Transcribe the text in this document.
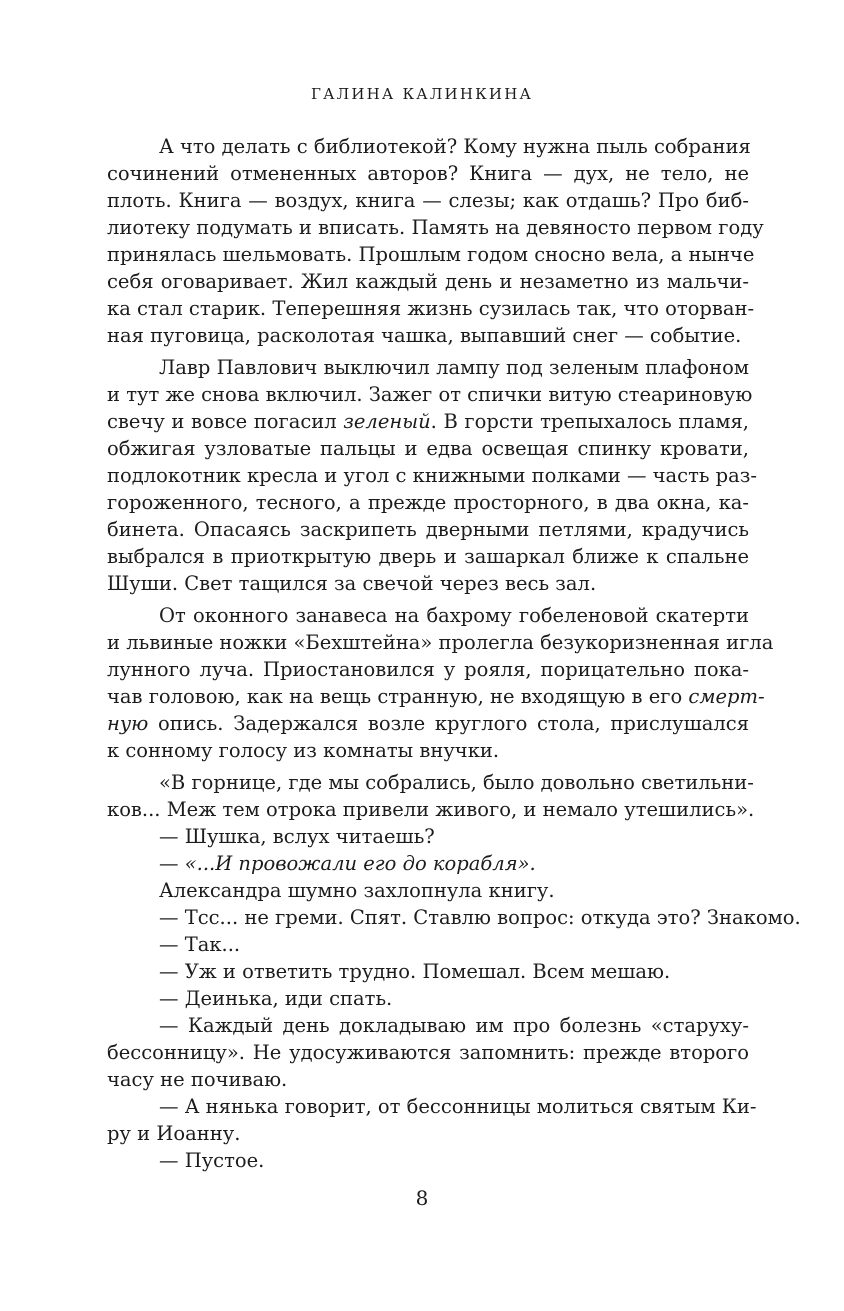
ГАЛИНА КАЛИНКИНА
А что делать с библиотекой? Кому нужна пыль собрания
сочинений отмененных авторов? Книга — дух, не тело, не
плоть. Книга — воздух, книга — слезы; как отдашь? Про биб-
лиотеку подумать и вписать. Память на девяносто первом году
принялась шельмовать. Прошлым годом сносно вела, а нынче
себя оговаривает. Жил каждый день и незаметно из мальчи-
ка стал старик. Теперешняя жизнь сузилась так, что оторван-
ная пуговица, расколотая чашка, выпавший снег — событие.
Лавр Павлович выключил лампу под зеленым плафоном
и тут же снова включил. Зажег от спички витую стеариновую
свечу и вовсе погасил зеленый. В горсти трепыхалось пламя,
обжигая узловатые пальцы и едва освещая спинку кровати,
подлокотник кресла и угол с книжными полками — часть раз-
гороженного, тесного, а прежде просторного, в два окна, ка-
бинета. Опасаясь заскрипеть дверными петлями, крадучись
выбрался в приоткрытую дверь и зашаркал ближе к спальне
Шуши. Свет тащился за свечой через весь зал.
От оконного занавеса на бахрому гобеленовой скатерти
и львиные ножки «Бехштейна» пролегла безукоризненная игла
лунного луча. Приостановился у рояля, порицательно пока-
чав головою, как на вещь странную, не входящую в его смерт-
ную опись. Задержался возле круглого стола, прислушался
к сонному голосу из комнаты внучки.
«В горнице, где мы собрались, было довольно светильни-
ков... Меж тем отрока привели живого, и немало утешились».
— Шушка, вслух читаешь?
— «...И провожали его до корабля».
Александра шумно захлопнула книгу.
— Тсс... не греми. Спят. Ставлю вопрос: откуда это? Знакомо.
— Так...
— Уж и ответить трудно. Помешал. Всем мешаю.
— Деинька, иди спать.
— Каждый день докладываю им про болезнь «старуху-
бессонницу». Не удосуживаются запомнить: прежде второго
часу не почиваю.
— А нянька говорит, от бессонницы молиться святым Ки-
ру и Иоанну.
— Пустое.
8
